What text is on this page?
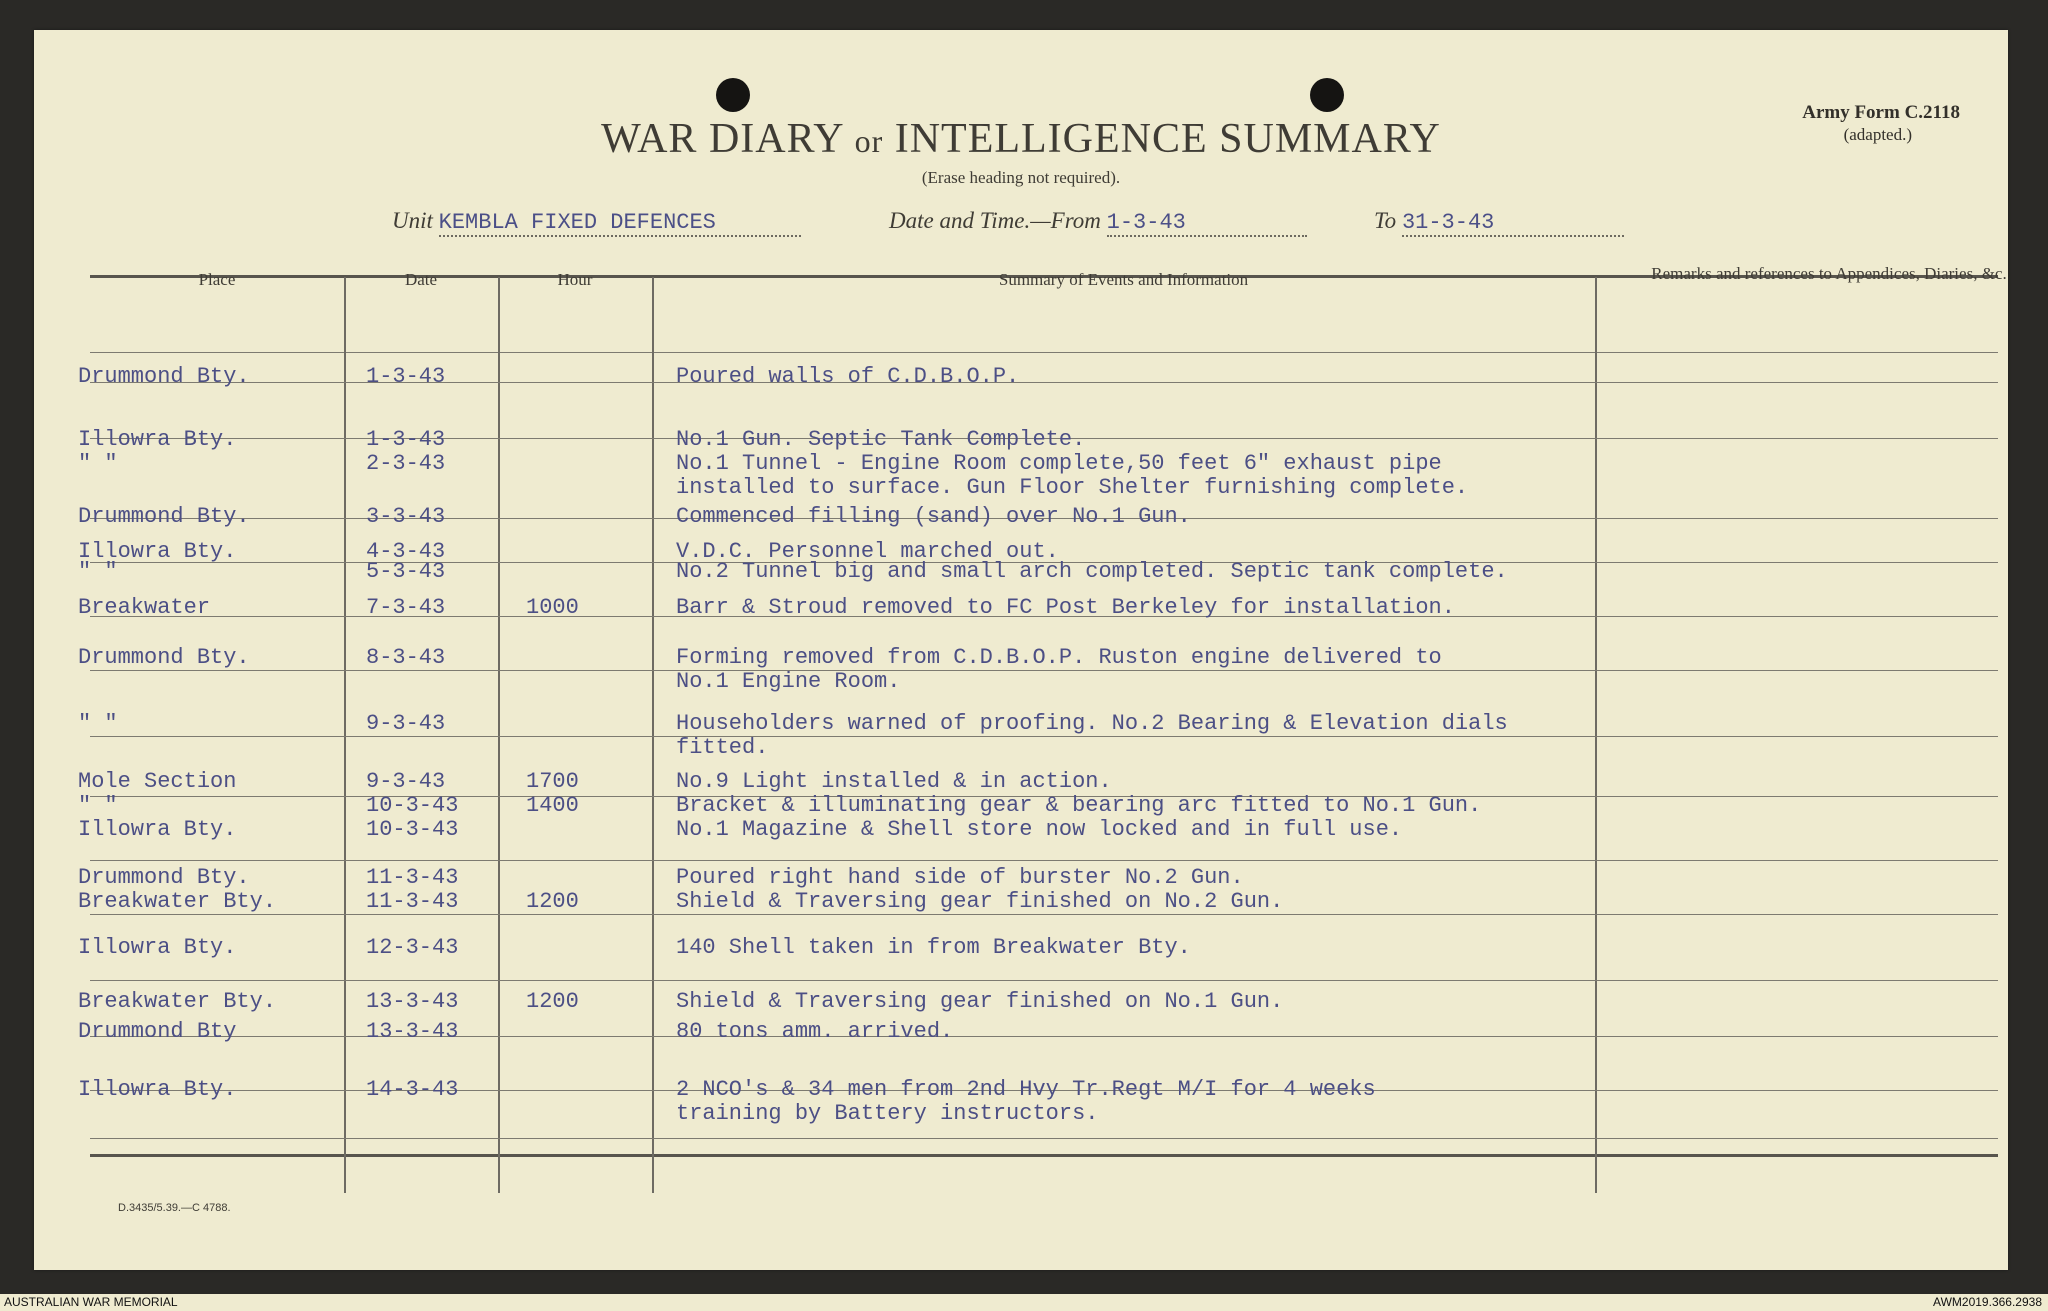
WAR DIARY or INTELLIGENCE SUMMARY
(Erase heading not required).
Army Form C.2118
(adapted.)
Unit KEMBLA FIXED DEFENCES	Date and Time.—From 1-3-43	To 31-3-43
Place	Date	Hour	Summary of Events and Information	Remarks and references to Appendices, Diaries, &c.
Drummond Bty.	1-3-43	Poured walls of C.D.B.O.P.
Illowra Bty.	1-3-43	No.1 Gun. Septic Tank Complete.
" "	2-3-43	No.1 Tunnel - Engine Room complete,50 feet 6" exhaust pipe
installed to surface. Gun Floor Shelter furnishing complete.
Drummond Bty.	3-3-43	Commenced filling (sand) over No.1 Gun.
Illowra Bty.	4-3-43	V.D.C. Personnel marched out.
" "	5-3-43	No.2 Tunnel big and small arch completed. Septic tank complete.
Breakwater	7-3-43	1000	Barr & Stroud removed to FC Post Berkeley for installation.
Drummond Bty.	8-3-43	Forming removed from C.D.B.O.P. Ruston engine delivered to
No.1 Engine Room.
" "	9-3-43	Householders warned of proofing. No.2 Bearing & Elevation dials
fitted.
Mole Section	9-3-43	1700	No.9 Light installed & in action.
" "	10-3-43	1400	Bracket & illuminating gear & bearing arc fitted to No.1 Gun.
Illowra Bty.	10-3-43	No.1 Magazine & Shell store now locked and in full use.
Drummond Bty.	11-3-43	Poured right hand side of burster No.2 Gun.
Breakwater Bty.	11-3-43	1200	Shield & Traversing gear finished on No.2 Gun.
Illowra Bty.	12-3-43	140 Shell taken in from Breakwater Bty.
Breakwater Bty.	13-3-43	1200	Shield & Traversing gear finished on No.1 Gun.
Drummond Bty	13-3-43	80 tons amm. arrived.
Illowra Bty.	14-3-43	2 NCO's & 34 men from 2nd Hvy Tr.Regt M/I for 4 weeks
training by Battery instructors.
D.3435/5.39.—C 4788.
AUSTRALIAN WAR MEMORIAL	AWM2019.366.2938
